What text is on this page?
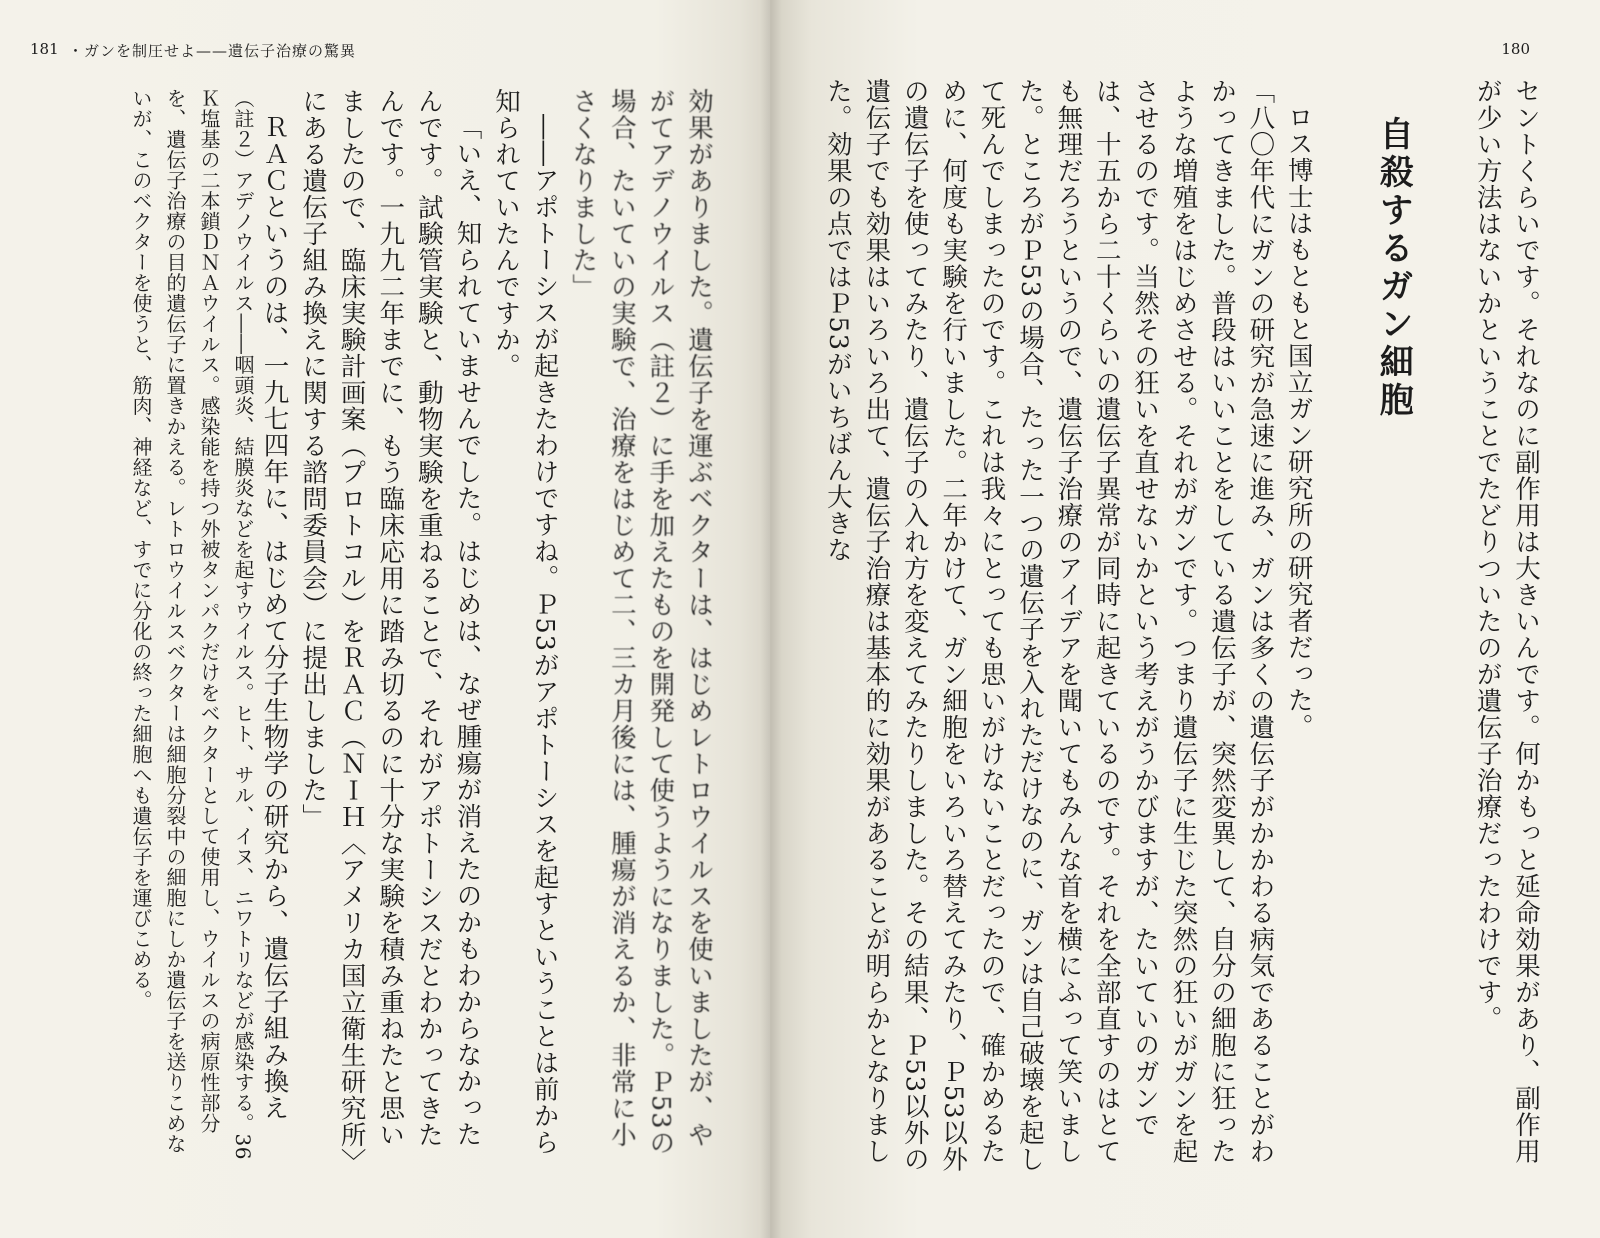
181 ・ガンを制圧せよ——遺伝子治療の驚異
効果がありました。遺伝子を運ぶベクターは、はじめレトロウイルスを使いましたが、やがてアデノウイルス（註２）に手を加えたものを開発して使うようになりました。Ｐ53の場合、たいていの実験で、治療をはじめて二、三カ月後には、腫瘍が消えるか、非常に小さくなりました」
――アポトーシスが起きたわけですね。Ｐ53がアポトーシスを起すということは前から知られていたんですか。
「いえ、知られていませんでした。はじめは、なぜ腫瘍が消えたのかもわからなかったんです。試験管実験と、動物実験を重ねることで、それがアポトーシスだとわかってきたんです。一九九二年までに、もう臨床応用に踏み切るのに十分な実験を積み重ねたと思いましたので、臨床実験計画案（プロトコル）をＲＡＣ（ＮＩＨ〈アメリカ国立衛生研究所〉にある遺伝子組み換えに関する諮問委員会）に提出しました」
ＲＡＣというのは、一九七四年に、はじめて分子生物学の研究から、遺伝子組み換え
（註２）アデノウイルス――咽頭炎、結膜炎などを起すウイルス。ヒト、サル、イヌ、ニワトリなどが感染する。36Ｋ塩基の二本鎖ＤＮＡウイルス。感染能を持つ外被タンパクだけをベクターとして使用し、ウイルスの病原性部分を、遺伝子治療の目的遺伝子に置きかえる。レトロウイルスベクターは細胞分裂中の細胞にしか遺伝子を送りこめないが、このベクターを使うと、筋肉、神経など、すでに分化の終った細胞へも遺伝子を運びこめる。
180
セントくらいです。それなのに副作用は大きいんです。何かもっと延命効果があり、副作用が少い方法はないかということでたどりついたのが遺伝子治療だったわけです。
自殺するガン細胞
ロス博士はもともと国立ガン研究所の研究者だった。
「八〇年代にガンの研究が急速に進み、ガンは多くの遺伝子がかかわる病気であることがわかってきました。普段はいいことをしている遺伝子が、突然変異して、自分の細胞に狂ったような増殖をはじめさせる。それがガンです。つまり遺伝子に生じた突然の狂いがガンを起させるのです。当然その狂いを直せないかという考えがうかびますが、たいていのガンでは、十五から二十くらいの遺伝子異常が同時に起きているのです。それを全部直すのはとても無理だろうというので、遺伝子治療のアイデアを聞いてもみんな首を横にふって笑いました。ところがＰ53の場合、たった一つの遺伝子を入れただけなのに、ガンは自己破壊を起して死んでしまったのです。これは我々にとっても思いがけないことだったので、確かめるために、何度も実験を行いました。二年かけて、ガン細胞をいろいろ替えてみたり、Ｐ53以外の遺伝子を使ってみたり、遺伝子の入れ方を変えてみたりしました。その結果、Ｐ53以外の遺伝子でも効果はいろいろ出て、遺伝子治療は基本的に効果があることが明らかとなりました。効果の点ではＰ53がいちばん大きな
